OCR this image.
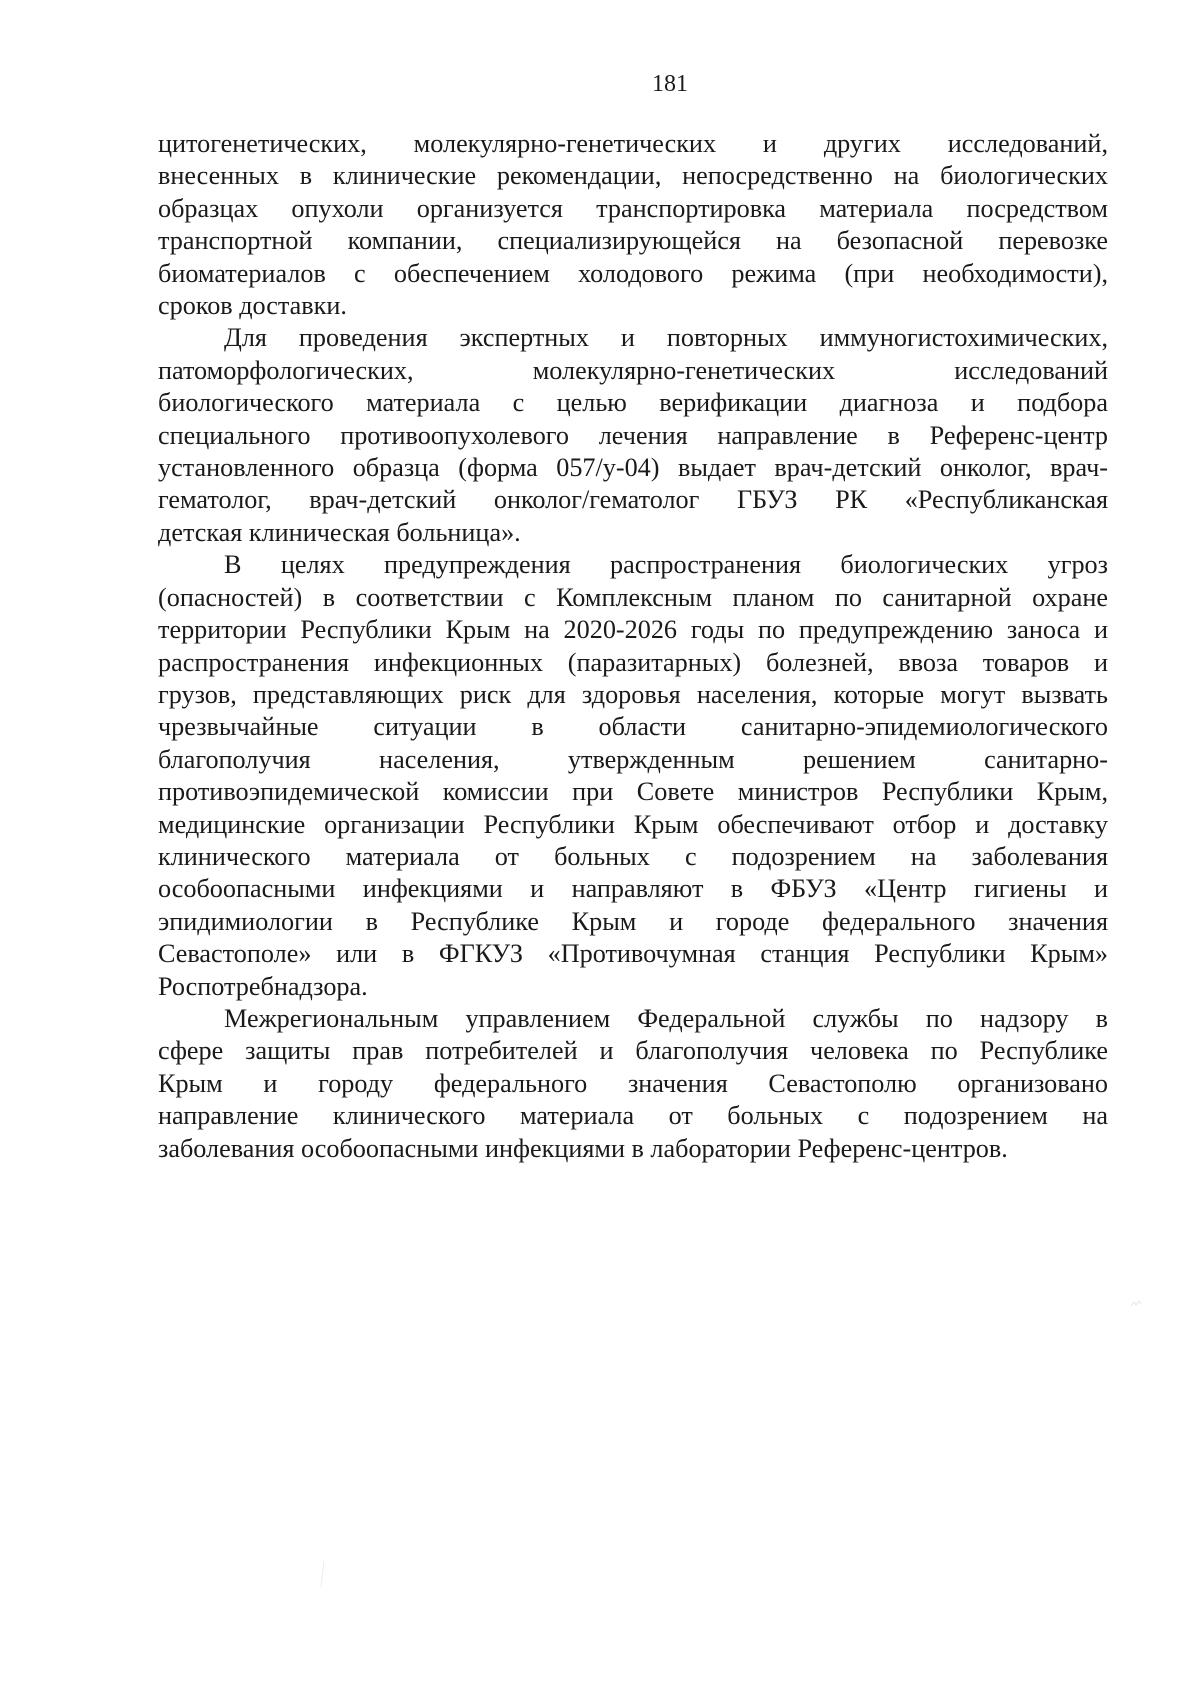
181
цитогенетических, молекулярно-генетических и других исследований,
внесенных в клинические рекомендации, непосредственно на биологических
образцах опухоли организуется транспортировка материала посредством
транспортной компании, специализирующейся на безопасной перевозке
биоматериалов с обеспечением холодового режима (при необходимости),
сроков доставки.
Для проведения экспертных и повторных иммуногистохимических,
патоморфологических, молекулярно-генетических исследований
биологического материала с целью верификации диагноза и подбора
специального противоопухолевого лечения направление в Референс-центр
установленного образца (форма 057/у-04) выдает врач-детский онколог, врач-
гематолог, врач-детский онколог/гематолог ГБУЗ РК «Республиканская
детская клиническая больница».
В целях предупреждения распространения биологических угроз
(опасностей) в соответствии с Комплексным планом по санитарной охране
территории Республики Крым на 2020-2026 годы по предупреждению заноса и
распространения инфекционных (паразитарных) болезней, ввоза товаров и
грузов, представляющих риск для здоровья населения, которые могут вызвать
чрезвычайные ситуации в области санитарно-эпидемиологического
благополучия населения, утвержденным решением санитарно-
противоэпидемической комиссии при Совете министров Республики Крым,
медицинские организации Республики Крым обеспечивают отбор и доставку
клинического материала от больных с подозрением на заболевания
особоопасными инфекциями и направляют в ФБУЗ «Центр гигиены и
эпидимиологии в Республике Крым и городе федерального значения
Севастополе» или в ФГКУЗ «Противочумная станция Республики Крым»
Роспотребнадзора.
Межрегиональным управлением Федеральной службы по надзору в
сфере защиты прав потребителей и благополучия человека по Республике
Крым и городу федерального значения Севастополю организовано
направление клинического материала от больных с подозрением на
заболевания особоопасными инфекциями в лаборатории Референс-центров.
